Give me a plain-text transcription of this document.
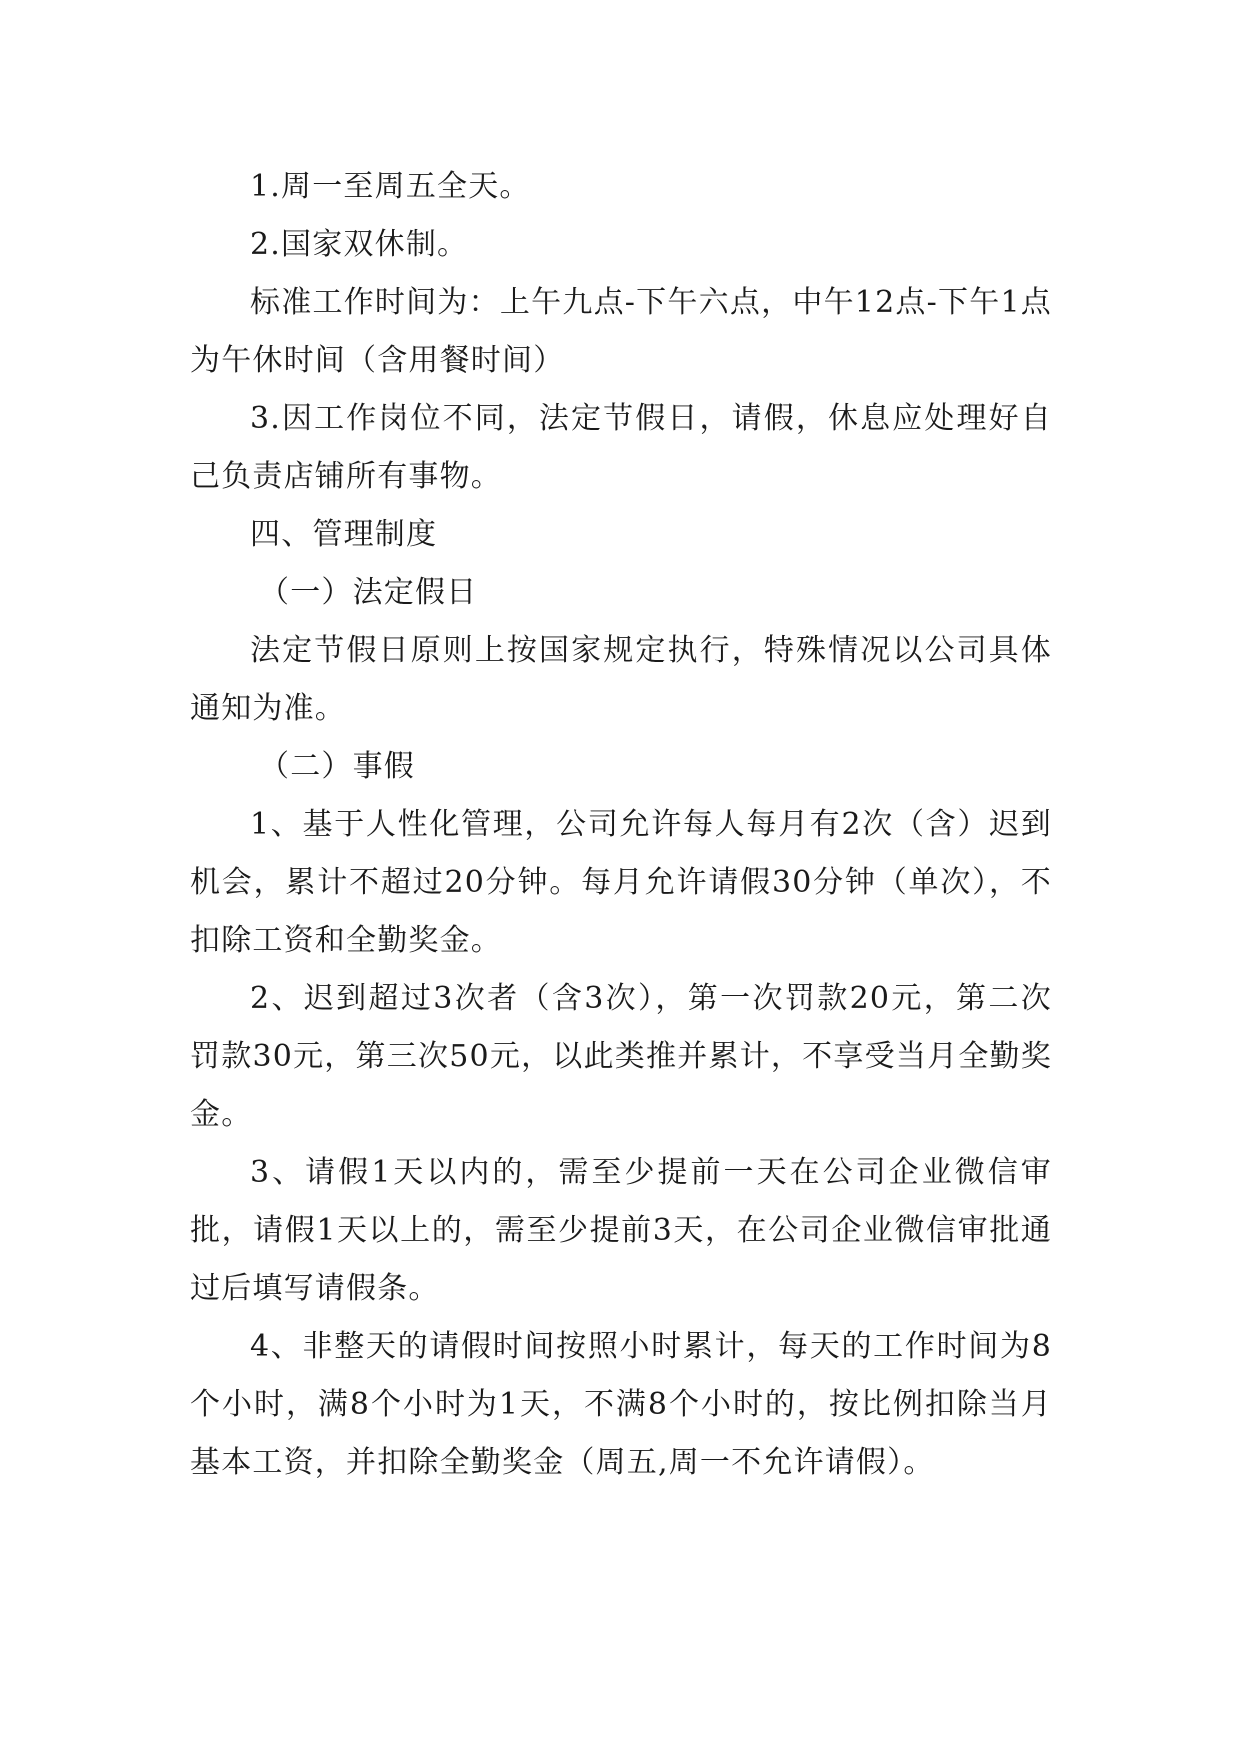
1.周一至周五全天。

2.国家双休制。

标准工作时间为：上午九点-下午六点，中午12点-下午1点为午休时间（含用餐时间）

3.因工作岗位不同，法定节假日，请假，休息应处理好自己负责店铺所有事物。

四、管理制度

（一）法定假日

法定节假日原则上按国家规定执行，特殊情况以公司具体通知为准。

（二）事假

1、基于人性化管理，公司允许每人每月有2次（含）迟到机会，累计不超过20分钟。每月允许请假30分钟（单次），不扣除工资和全勤奖金。

2、迟到超过3次者（含3次），第一次罚款20元，第二次罚款30元，第三次50元，以此类推并累计，不享受当月全勤奖金。

3、请假1天以内的，需至少提前一天在公司企业微信审批，请假1天以上的，需至少提前3天，在公司企业微信审批通过后填写请假条。

4、非整天的请假时间按照小时累计，每天的工作时间为8个小时，满8个小时为1天，不满8个小时的，按比例扣除当月基本工资，并扣除全勤奖金（周五,周一不允许请假）。
